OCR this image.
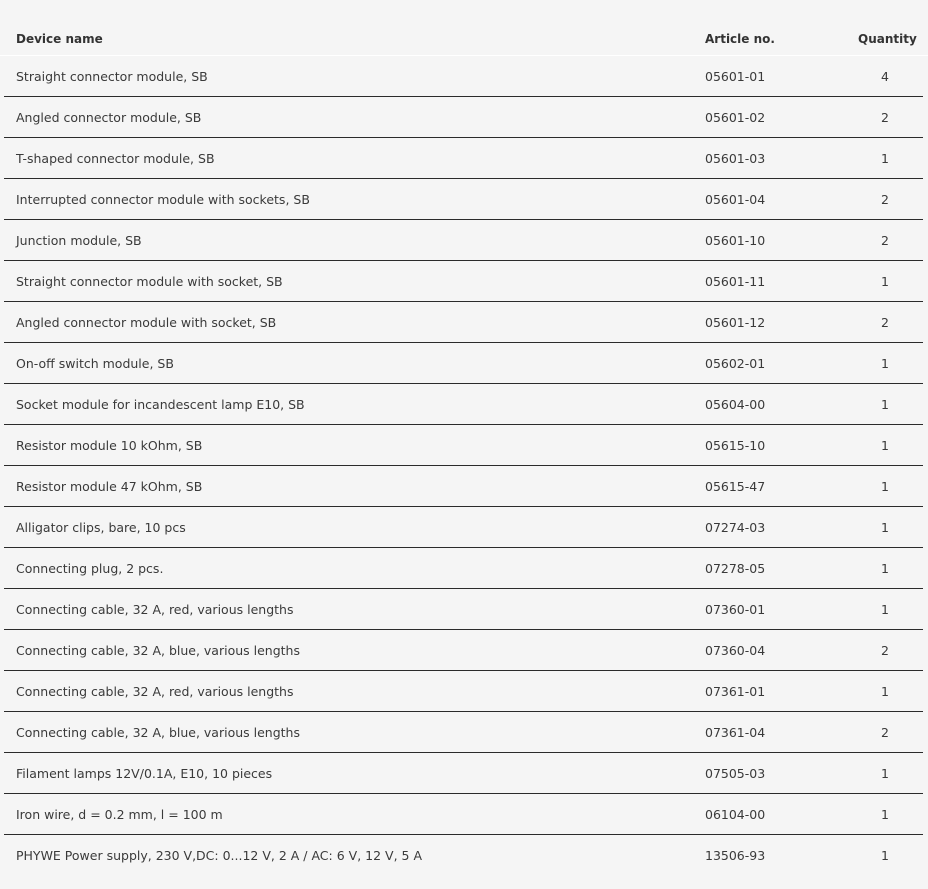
Device name	Article no.	Quantity
Straight connector module, SB	05601-01	4
Angled connector module, SB	05601-02	2
T-shaped connector module, SB	05601-03	1
Interrupted connector module with sockets, SB	05601-04	2
Junction module, SB	05601-10	2
Straight connector module with socket, SB	05601-11	1
Angled connector module with socket, SB	05601-12	2
On-off switch module, SB	05602-01	1
Socket module for incandescent lamp E10, SB	05604-00	1
Resistor module 10 kOhm, SB	05615-10	1
Resistor module 47 kOhm, SB	05615-47	1
Alligator clips, bare, 10 pcs	07274-03	1
Connecting plug, 2 pcs.	07278-05	1
Connecting cable, 32 A, red, various lengths	07360-01	1
Connecting cable, 32 A, blue, various lengths	07360-04	2
Connecting cable, 32 A, red, various lengths	07361-01	1
Connecting cable, 32 A, blue, various lengths	07361-04	2
Filament lamps 12V/0.1A, E10, 10 pieces	07505-03	1
Iron wire, d = 0.2 mm, l = 100 m	06104-00	1
PHYWE Power supply, 230 V,DC: 0...12 V, 2 A / AC: 6 V, 12 V, 5 A	13506-93	1
